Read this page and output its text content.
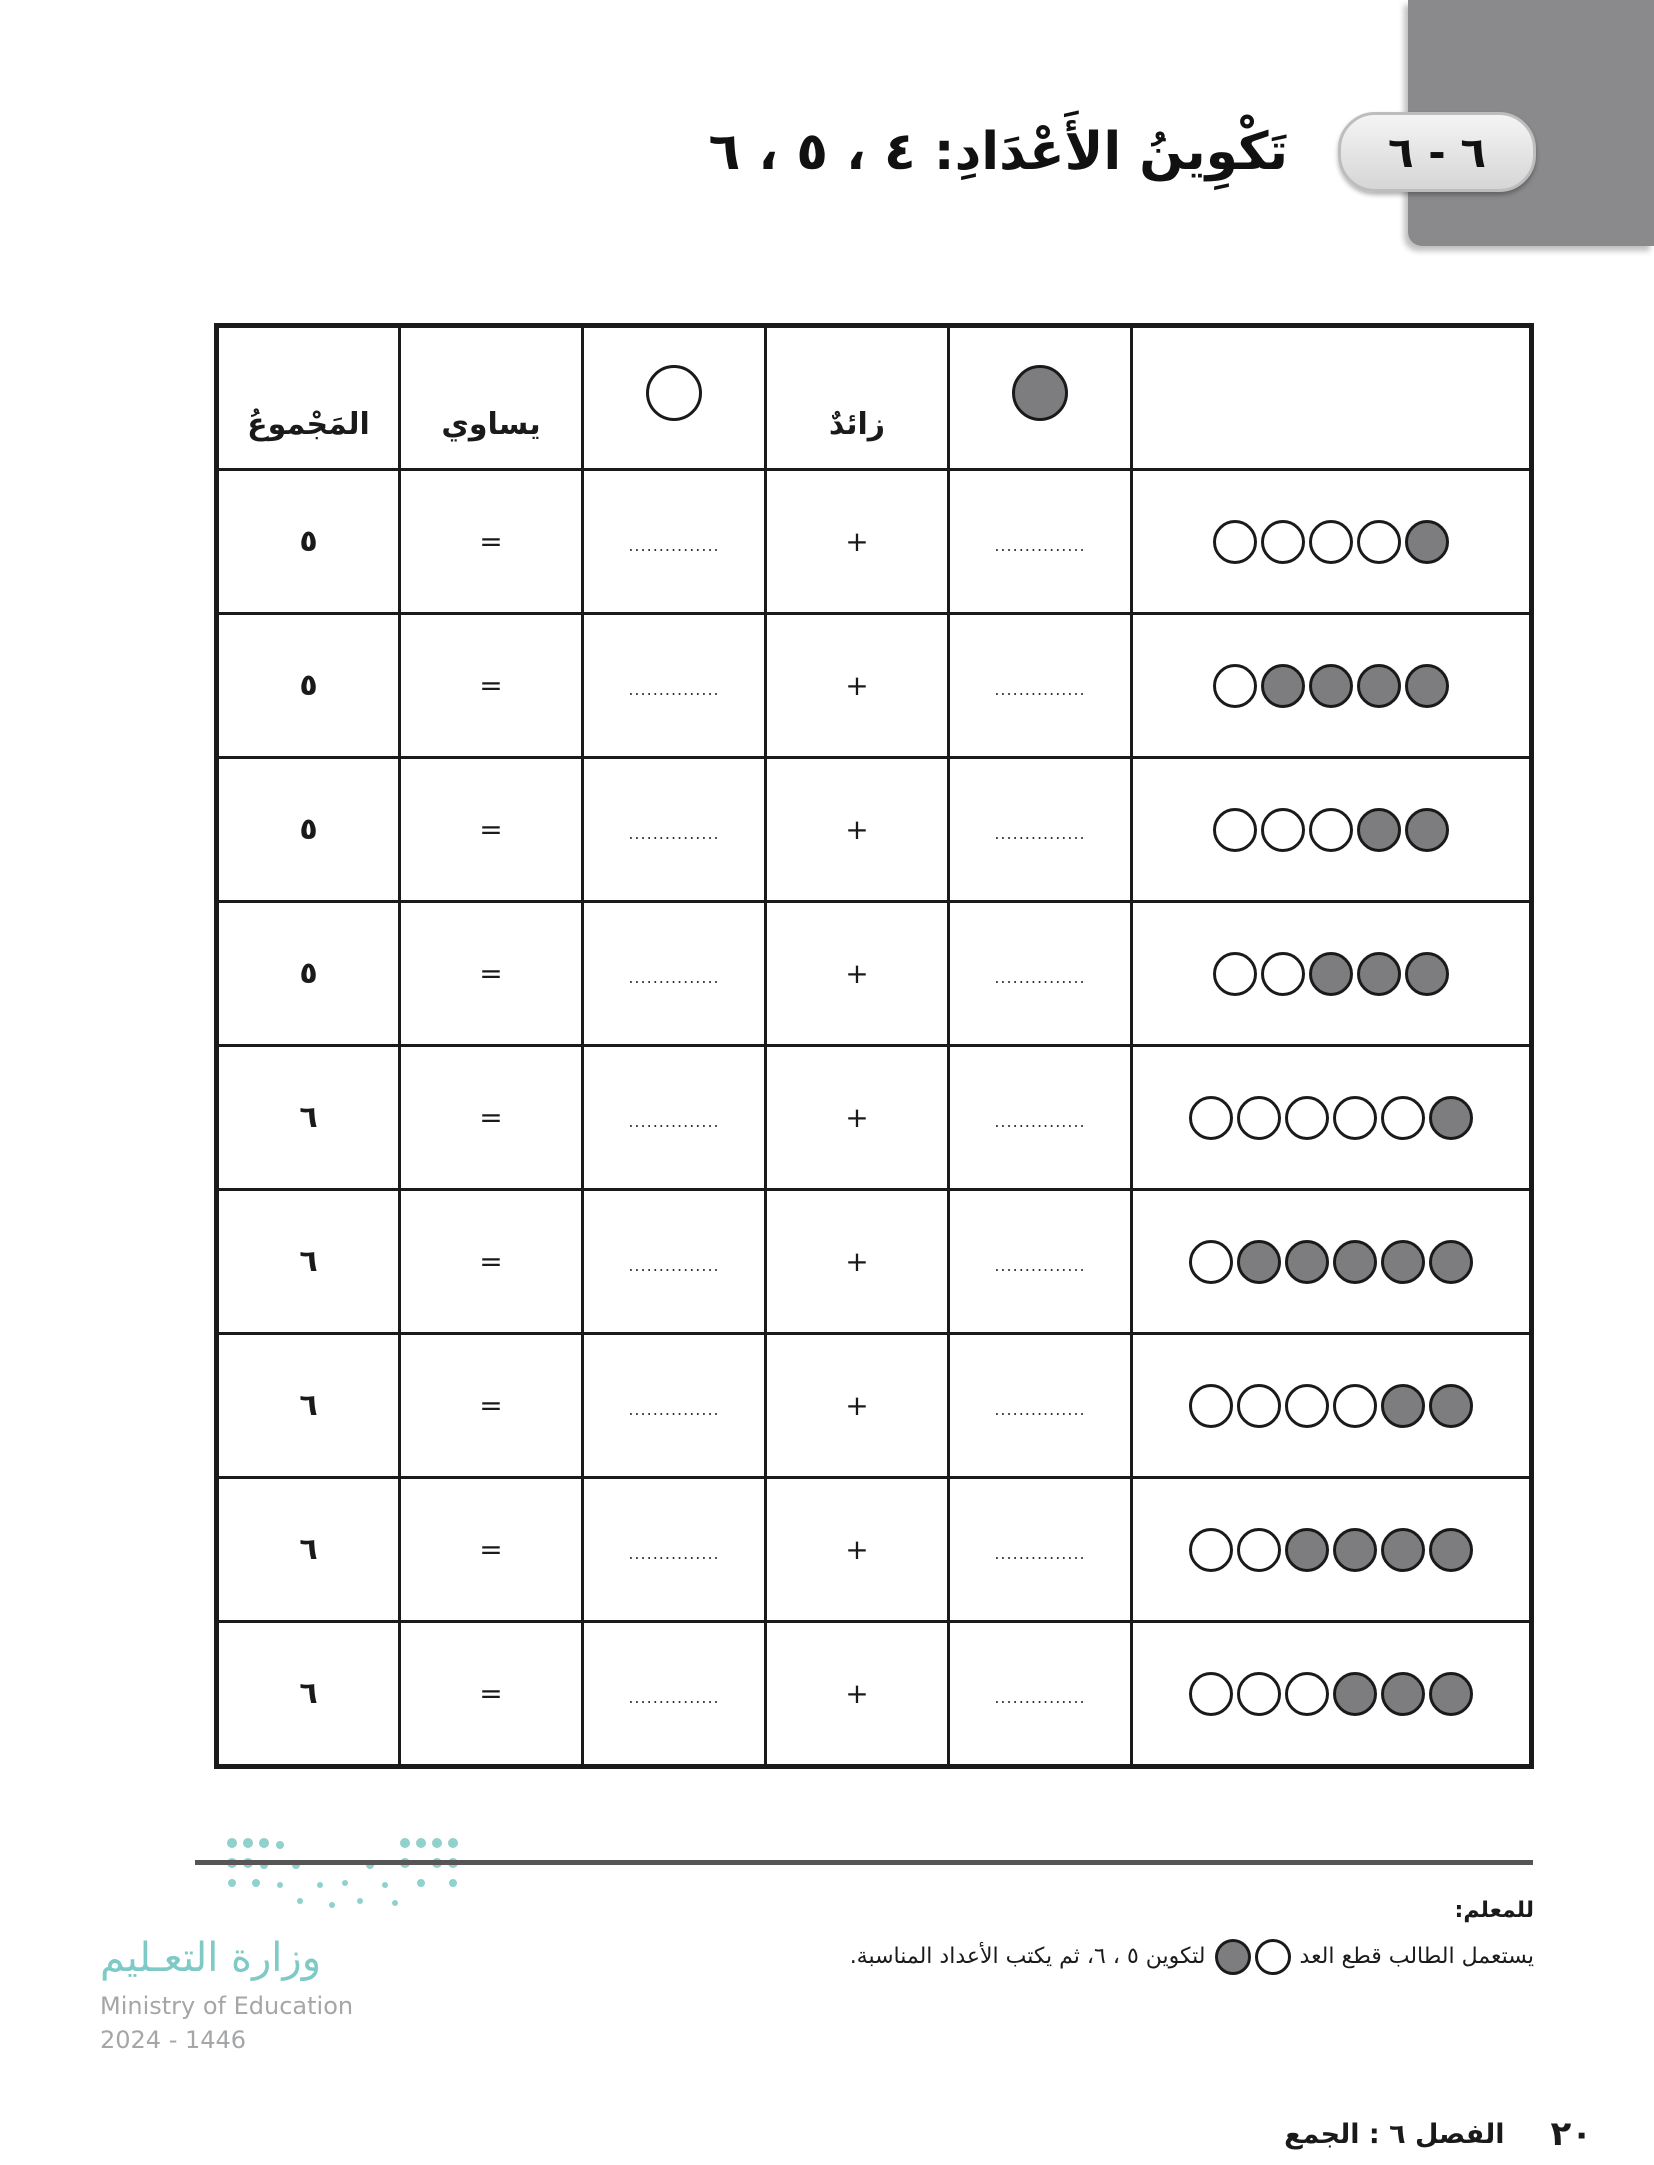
٦ - ٦
تَكْوِينُ الأَعْدَادِ: ٤ ، ٥ ، ٦
		زائدٌ		يساوي	المَجْموعُ
	...............	+	...............	=	٥
	...............	+	...............	=	٥
	...............	+	...............	=	٥
	...............	+	...............	=	٥
	...............	+	...............	=	٦
	...............	+	...............	=	٦
	...............	+	...............	=	٦
	...............	+	...............	=	٦
	...............	+	...............	=	٦
وزارة التعـليم
Ministry of Education
2024 - 1446
للمعلم:
يستعمل الطالب قطع العد  لتكوين ٥ ، ٦، ثم يكتب الأعداد المناسبة.
٢٠
الفصل ٦ : الجمع
